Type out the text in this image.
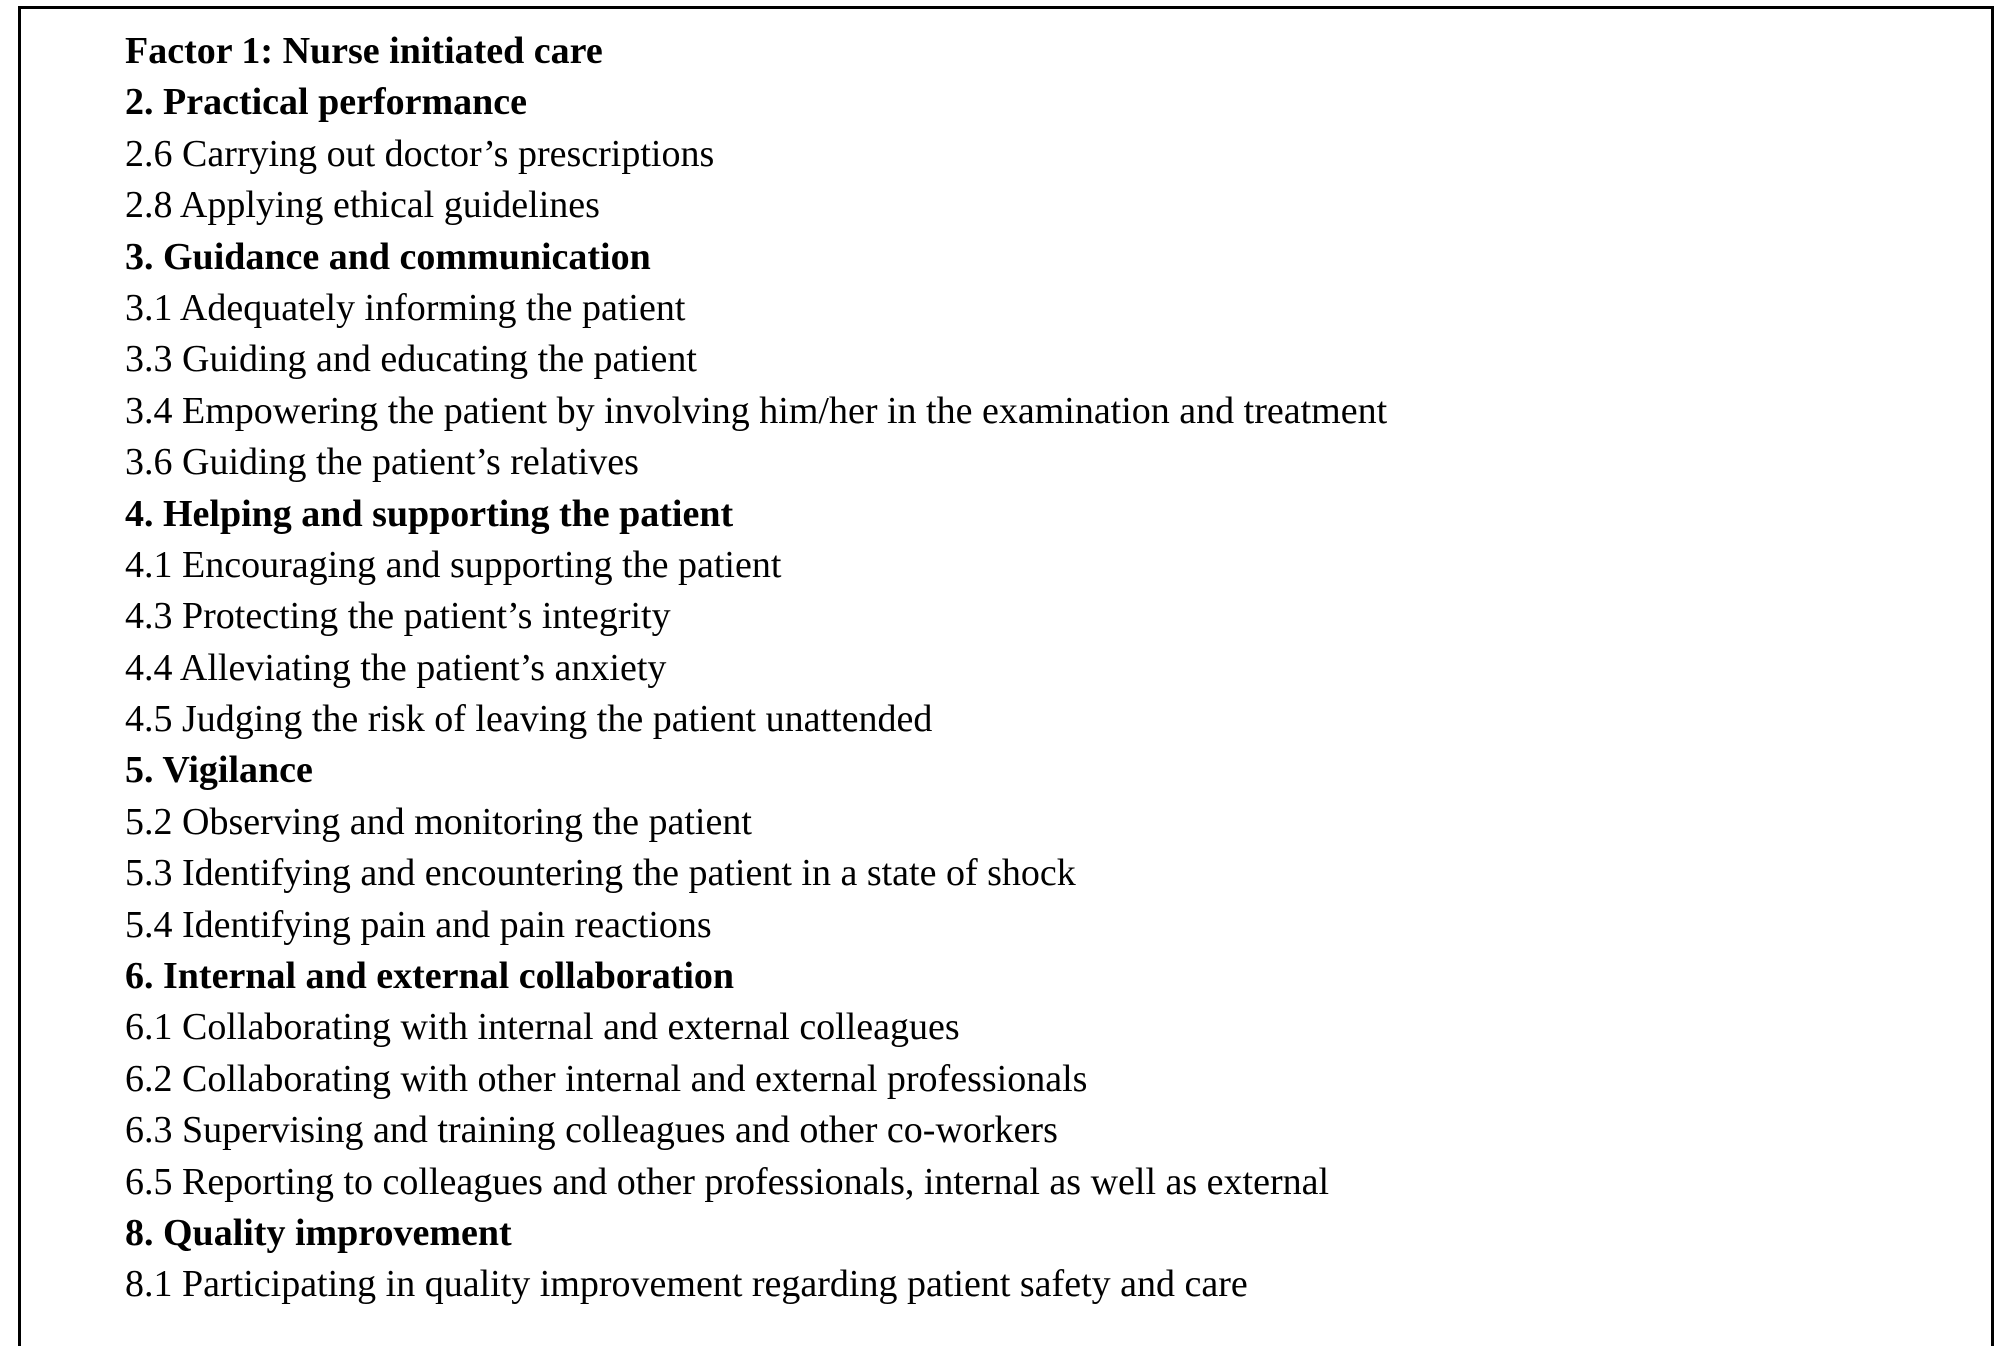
Factor 1: Nurse initiated care
2. Practical performance
2.6 Carrying out doctor’s prescriptions
2.8 Applying ethical guidelines
3. Guidance and communication
3.1 Adequately informing the patient
3.3 Guiding and educating the patient
3.4 Empowering the patient by involving him/her in the examination and treatment
3.6 Guiding the patient’s relatives
4. Helping and supporting the patient
4.1 Encouraging and supporting the patient
4.3 Protecting the patient’s integrity
4.4 Alleviating the patient’s anxiety
4.5 Judging the risk of leaving the patient unattended
5. Vigilance
5.2 Observing and monitoring the patient
5.3 Identifying and encountering the patient in a state of shock
5.4 Identifying pain and pain reactions
6. Internal and external collaboration
6.1 Collaborating with internal and external colleagues
6.2 Collaborating with other internal and external professionals
6.3 Supervising and training colleagues and other co-workers
6.5 Reporting to colleagues and other professionals, internal as well as external
8. Quality improvement
8.1 Participating in quality improvement regarding patient safety and care
